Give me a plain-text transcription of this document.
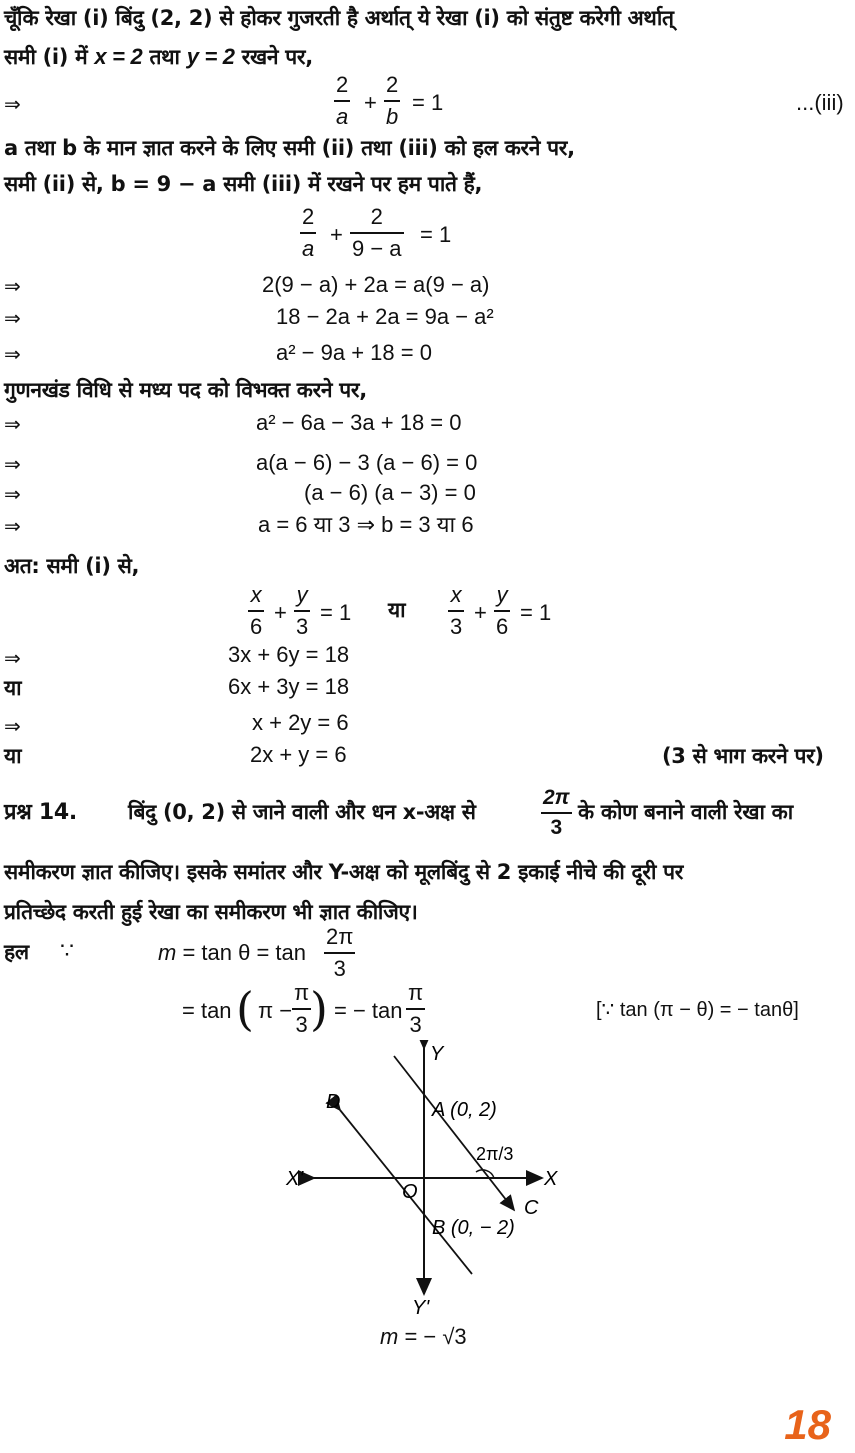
चूँकि रेखा (i) बिंदु (2, 2) से होकर गुजरती है अर्थात् ये रेखा (i) को संतुष्ट करेगी अर्थात्
समी (i) में x = 2 तथा y = 2 रखने पर,
⇒
2
a
+
2
b
= 1	...(iii)
a तथा b के मान ज्ञात करने के लिए समी (ii) तथा (iii) को हल करने पर,
समी (ii) से, b = 9 − a समी (iii) में रखने पर हम पाते हैं,
2
a
+
2
9 − a
= 1
⇒	2(9 − a) + 2a = a(9 − a)
⇒	18 − 2a + 2a = 9a − a²
⇒	a² − 9a + 18 = 0
गुणनखंड विधि से मध्य पद को विभक्त करने पर,
⇒	a² − 6a − 3a + 18 = 0
⇒	a(a − 6) − 3 (a − 6) = 0
⇒	(a − 6) (a − 3) = 0
⇒	a = 6 या 3 ⇒ b = 3 या 6
अत: समी (i) से,
x
6
+
y
3
= 1 या
x
3
+
y
6
= 1
⇒	3x + 6y = 18
या	6x + 3y = 18
⇒	x + 2y = 6
या	2x + y = 6	(3 से भाग करने पर)
प्रश्न 14. बिंदु (0, 2) से जाने वाली और धन x-अक्ष से
2π
3
के कोण बनाने वाली रेखा का
समीकरण ज्ञात कीजिए। इसके समांतर और Y-अक्ष को मूलबिंदु से 2 इकाई नीचे की दूरी पर
प्रतिच्छेद करती हुई रेखा का समीकरण भी ज्ञात कीजिए।
हल ∵	m = tan θ = tan
2π
3
= tan ( π −
π
3 ) = − tan
π
3
[∵ tan (π − θ) = − tanθ]
Y
Y'
X
X'
O
A (0, 2)
B (0, − 2)
C
D
2π/3
m = − √3
18
